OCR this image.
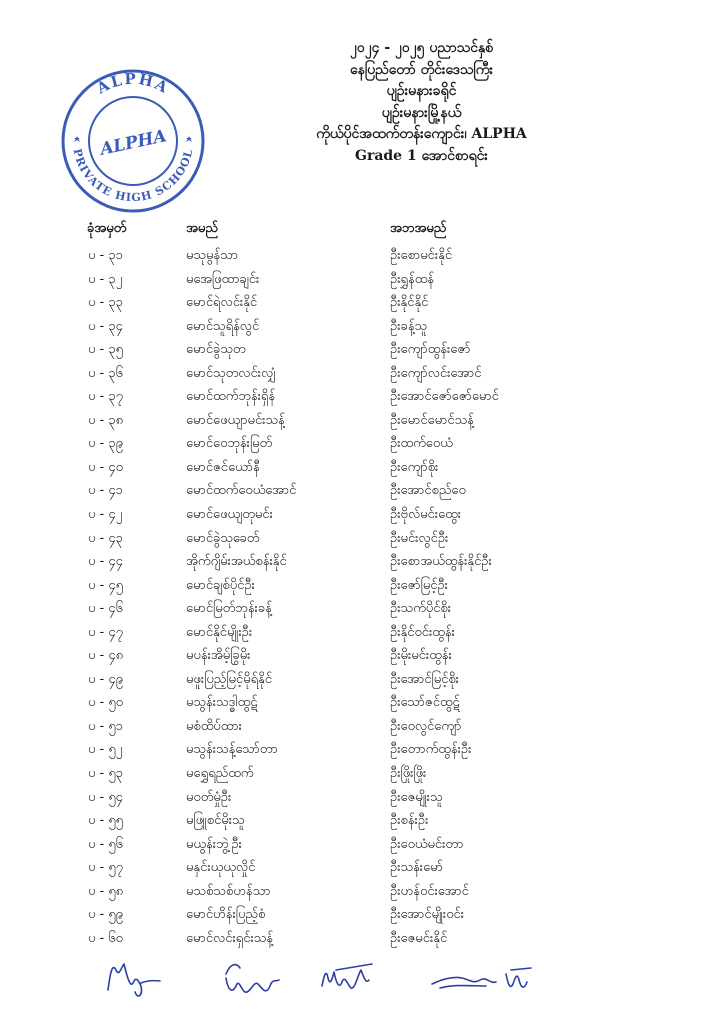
ALPHA
PRIVATE HIGH SCHOOL
ALPHA
၂၀၂၄ - ၂၀၂၅ ပညာသင်နှစ်
နေပြည်တော် တိုင်းဒေသကြီး
ပျဉ်းမနားခရိုင်
ပျဉ်းမနားမြို့နယ်
ကိုယ်ပိုင်အထက်တန်းကျောင်း၊ ALPHA
Grade 1 အောင်စာရင်း
ခုံအမှတ်	အမည်	အဘအမည်
ပ - ၃၁	မသုမွန်သာ	ဦးစောမင်းနိုင်
ပ - ၃၂	မအေဖြထာချင်း	ဦးရွှန်ထန်
ပ - ၃၃	မောင်ရဲလင်းနိုင်	ဦးနိုင်နိုင်
ပ - ၃၄	မောင်သူရိန်လွင်	ဦးခန့်သူ
ပ - ၃၅	မောင်ခွဲသုတ	ဦးကျော်ထွန်းဇော်
ပ - ၃၆	မောင်သုတလင်းလျှံ	ဦးကျော်လင်းအောင်
ပ - ၃၇	မောင်ထက်ဘုန်းရှိန်	ဦးအောင်ဇော်ဇော်မောင်
ပ - ၃၈	မောင်ဖေယျာမင်းသန့်	ဦးမောင်မောင်သန့်
ပ - ၃၉	မောင်ဝေဘုန်းမြတ်	ဦးထက်ဝေယံ
ပ - ၄၀	မောင်ဇင်ယော်နီ	ဦးကျော်စိုး
ပ - ၄၁	မောင်ထက်ဝေယံအောင်	ဦးအောင်စည်ဝေ
ပ - ၄၂	မောင်ဖေယျတုမင်း	ဦးဗိုလ်မင်းထွေး
ပ - ၄၃	မောင်ခွဲသုခေတ်	ဦးမင်းလွင်ဦး
ပ - ၄၄	အိုက်ဂျိမ်းအယ်စန်းနိုင်	ဦးစောအယ်ထွန်းနိုင်ဦး
ပ - ၄၅	မောင်ချစ်ပိုင်ဦး	ဦးဇော်မြင့်ဦး
ပ - ၄၆	မောင်မြတ်ဘုန်းခန့်	ဦးသက်ပိုင်စိုး
ပ - ၄၇	မောင်နိုင်မျိုးဦး	ဦးနိုင်ဝင်းထွန်း
ပ - ၄၈	မပန်းအိမ့်ခြွမိုး	ဦးမိုးမင်းထွန်း
ပ - ၄၉	မဖူးပြည့်မြင့်မိုရ်နိုင်	ဦးအောင်မြင့်စိုး
ပ - ၅၀	မသွန်းသဒ္ဓါထွဋ်	ဦးသော်ဇင်ထွဋ်
ပ - ၅၁	မစံထိပ်ထား	ဦးဝေလွင်ကျော်
ပ - ၅၂	မသွန်းသန့်သော်တာ	ဦးတောက်ထွန်းဦး
ပ - ၅၃	မရွှေရည်ထက်	ဦးဖြိုးဖြိုး
ပ - ၅၄	မဝတ်မှုံဦး	ဦးဇေမျိုးသူ
ပ - ၅၅	မဖြူစင်မိုးသူ	ဦးစန်းဦး
ပ - ၅၆	မယွန်းဘွဲ့ဦး	ဦးဝေယံမင်းတာ
ပ - ၅၇	မနှင်းယုယုလှိုင်	ဦးသန်းမော်
ပ - ၅၈	မသစ်သစ်ဟန်သာ	ဦးဟန်ဝင်းအောင်
ပ - ၅၉	မောင်ဟိန်းပြည့်စံ	ဦးအောင်မျိုးဝင်း
ပ - ၆၀	မောင်လင်းရှင်းသန့်	ဦးဇေမင်းနိုင်
